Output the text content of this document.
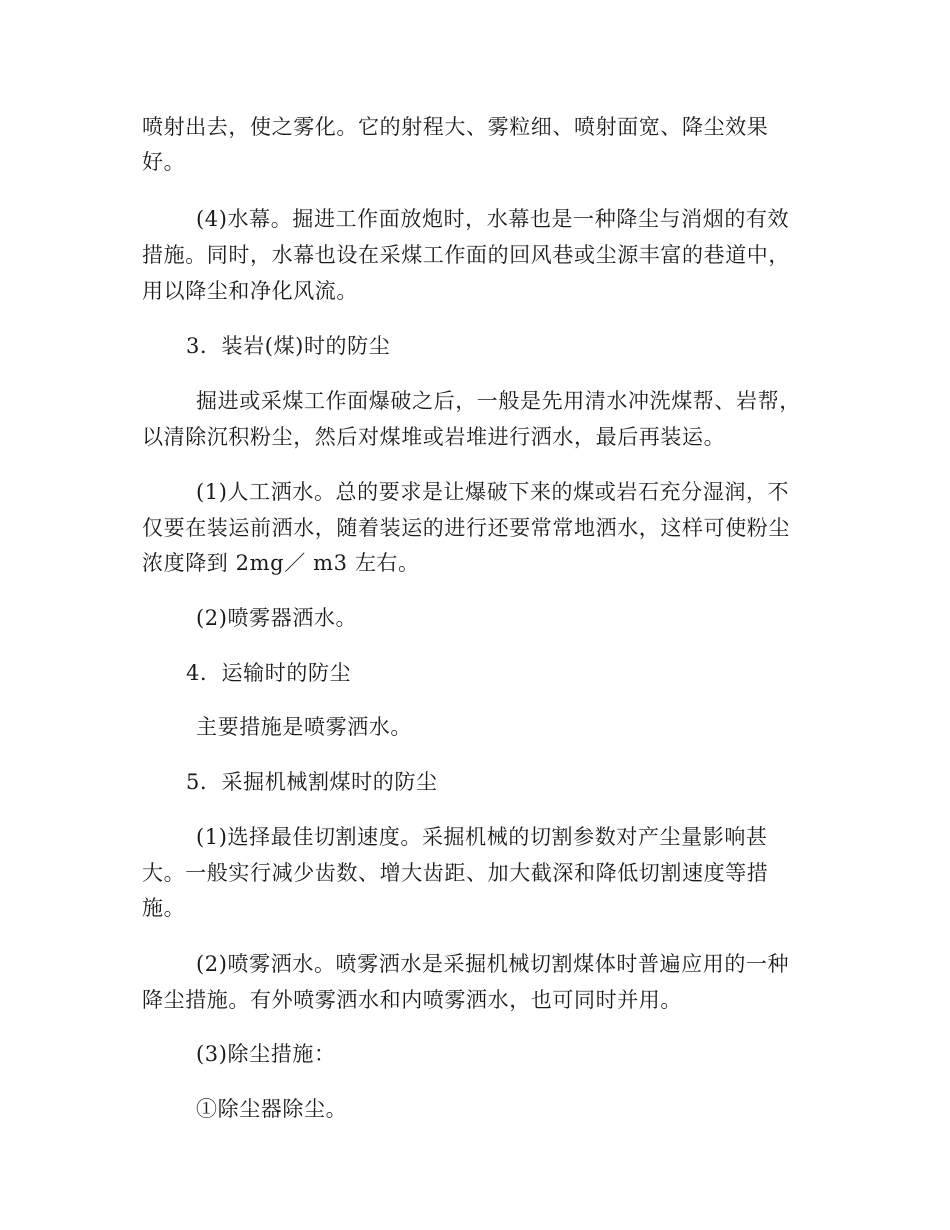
喷射出去，使之雾化。它的射程大、雾粒细、喷射面宽、降尘效果
好。
(4)水幕。掘进工作面放炮时，水幕也是一种降尘与消烟的有效
措施。同时，水幕也设在采煤工作面的回风巷或尘源丰富的巷道中，
用以降尘和净化风流。
3．装岩(煤)时的防尘
掘进或采煤工作面爆破之后，一般是先用清水冲洗煤帮、岩帮，
以清除沉积粉尘，然后对煤堆或岩堆进行洒水，最后再装运。
(1)人工洒水。总的要求是让爆破下来的煤或岩石充分湿润，不
仅要在装运前洒水，随着装运的进行还要常常地洒水，这样可使粉尘
浓度降到 2mg／ m3 左右。
(2)喷雾器洒水。
4．运输时的防尘
主要措施是喷雾洒水。
5．采掘机械割煤时的防尘
(1)选择最佳切割速度。采掘机械的切割参数对产尘量影响甚
大。一般实行减少齿数、增大齿距、加大截深和降低切割速度等措
施。
(2)喷雾洒水。喷雾洒水是采掘机械切割煤体时普遍应用的一种
降尘措施。有外喷雾洒水和内喷雾洒水，也可同时并用。
(3)除尘措施：
①除尘器除尘。
